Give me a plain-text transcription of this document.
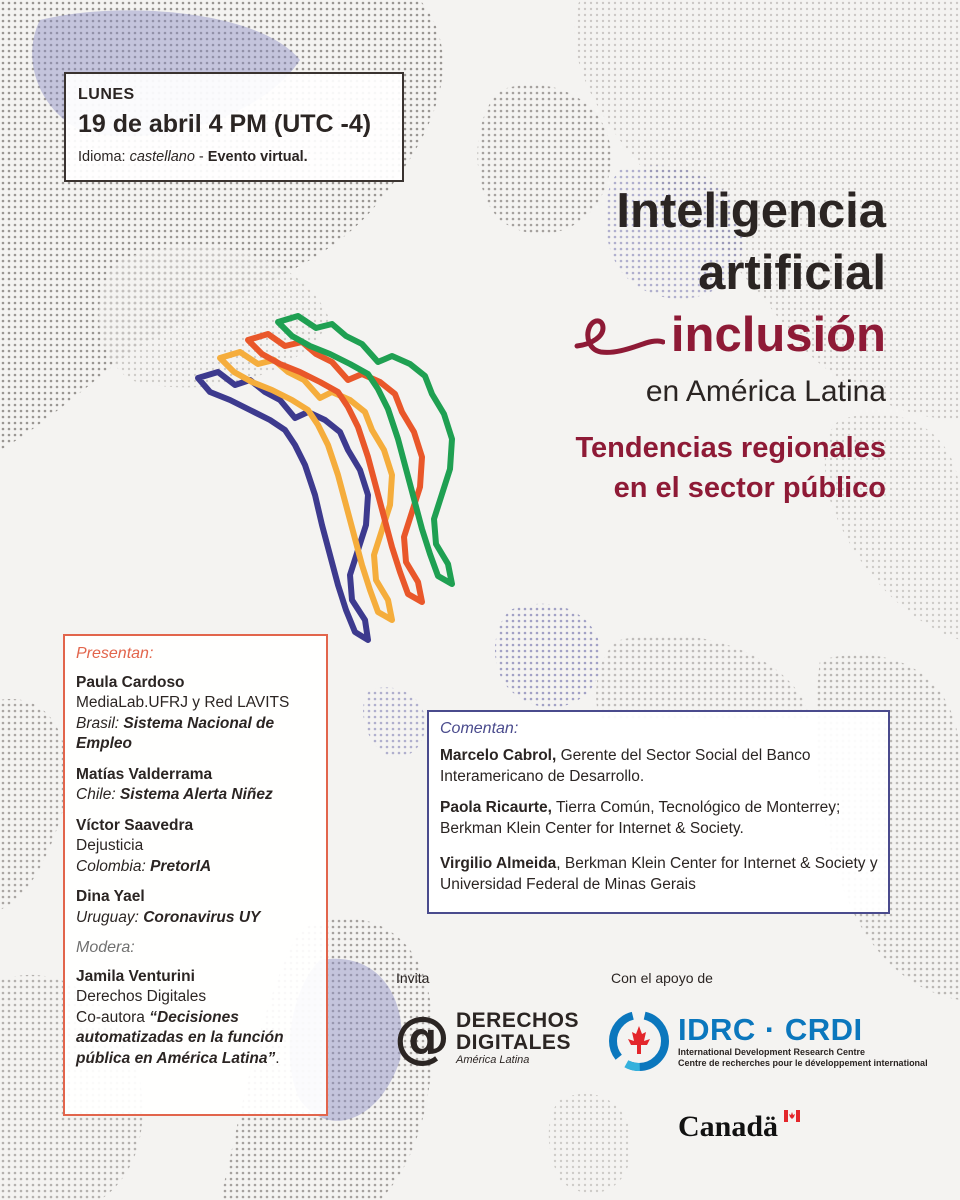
LUNES
19 de abril 4 PM (UTC -4)
Idioma: castellano - Evento virtual.
Inteligencia
artificial
inclusión
en América Latina
Tendencias regionales
en el sector público
Presentan:
Paula Cardoso
MediaLab.UFRJ y Red LAVITS
Brasil: Sistema Nacional de Empleo
Matías Valderrama
Chile: Sistema Alerta Niñez
Víctor Saavedra
Dejusticia
Colombia: PretorIA
Dina Yael
Uruguay: Coronavirus UY
Modera:
Jamila Venturini
Derechos Digitales
Co-autora “Decisiones automatizadas en la función pública en América Latina”.
Comentan:
Marcelo Cabrol, Gerente del Sector Social del Banco Interamericano de Desarrollo.
Paola Ricaurte, Tierra Común, Tecnológico de Monterrey; Berkman Klein Center for Internet & Society.
Virgilio Almeida, Berkman Klein Center for Internet & Society y Universidad Federal de Minas Gerais
Invita	Con el apoyo de
@ DERECHOS
DIGITALES
América Latina
IDRC · CRDI
International Development Research Centre
Centre de recherches pour le développement international
Canadä
